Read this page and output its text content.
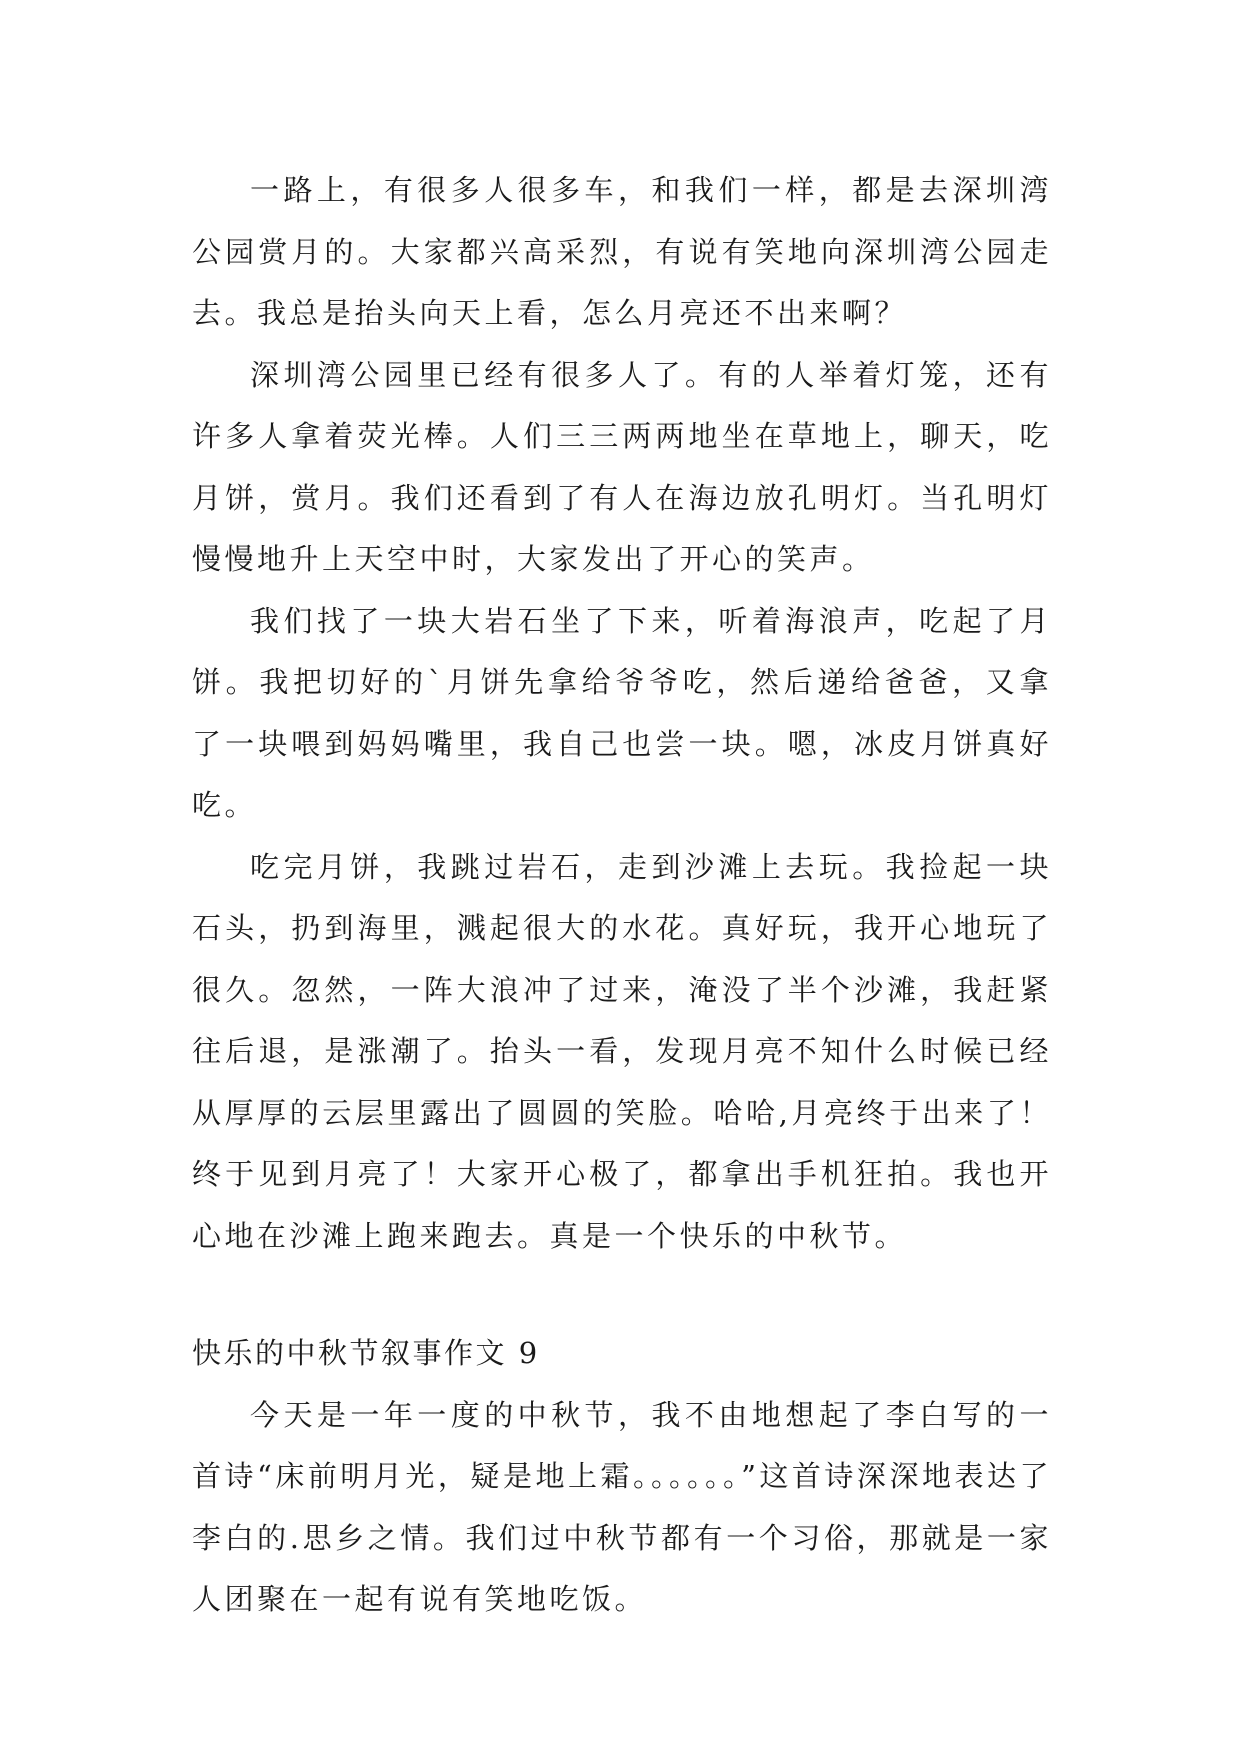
一路上，有很多人很多车，和我们一样，都是去深圳湾公园赏月的。大家都兴高采烈，有说有笑地向深圳湾公园走去。我总是抬头向天上看，怎么月亮还不出来啊？

深圳湾公园里已经有很多人了。有的人举着灯笼，还有许多人拿着荧光棒。人们三三两两地坐在草地上，聊天，吃月饼，赏月。我们还看到了有人在海边放孔明灯。当孔明灯慢慢地升上天空中时，大家发出了开心的笑声。

我们找了一块大岩石坐了下来，听着海浪声，吃起了月饼。我把切好的`月饼先拿给爷爷吃，然后递给爸爸，又拿了一块喂到妈妈嘴里，我自己也尝一块。嗯，冰皮月饼真好吃。

吃完月饼，我跳过岩石，走到沙滩上去玩。我捡起一块石头，扔到海里，溅起很大的水花。真好玩，我开心地玩了很久。忽然，一阵大浪冲了过来，淹没了半个沙滩，我赶紧往后退，是涨潮了。抬头一看，发现月亮不知什么时候已经从厚厚的云层里露出了圆圆的笑脸。哈哈,月亮终于出来了！终于见到月亮了！大家开心极了，都拿出手机狂拍。我也开心地在沙滩上跑来跑去。真是一个快乐的中秋节。

快乐的中秋节叙事作文 9

今天是一年一度的中秋节，我不由地想起了李白写的一首诗“床前明月光，疑是地上霜。。。。。。”这首诗深深地表达了李白的.思乡之情。我们过中秋节都有一个习俗，那就是一家人团聚在一起有说有笑地吃饭。
